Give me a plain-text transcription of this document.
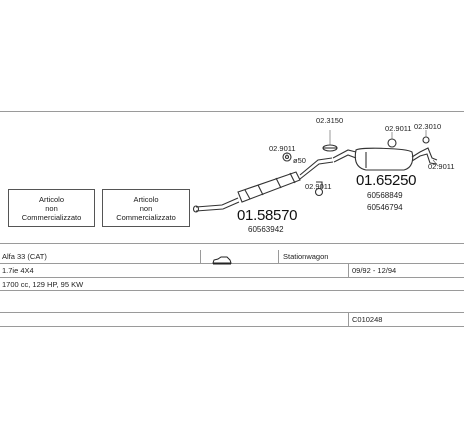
Articolo
non
Commercializzato
Articolo
non
Commercializzato	01.58570
60563942
01.65250
60568849
60546794
02.9011
ø50
02.9011
02.3150
02.9011 02.3010
02.9011
Alfa 33 (CAT)	Stationwagon
1.7ie 4X4	09/92 - 12/94
1700 cc, 129 HP, 95 KW
C010248
